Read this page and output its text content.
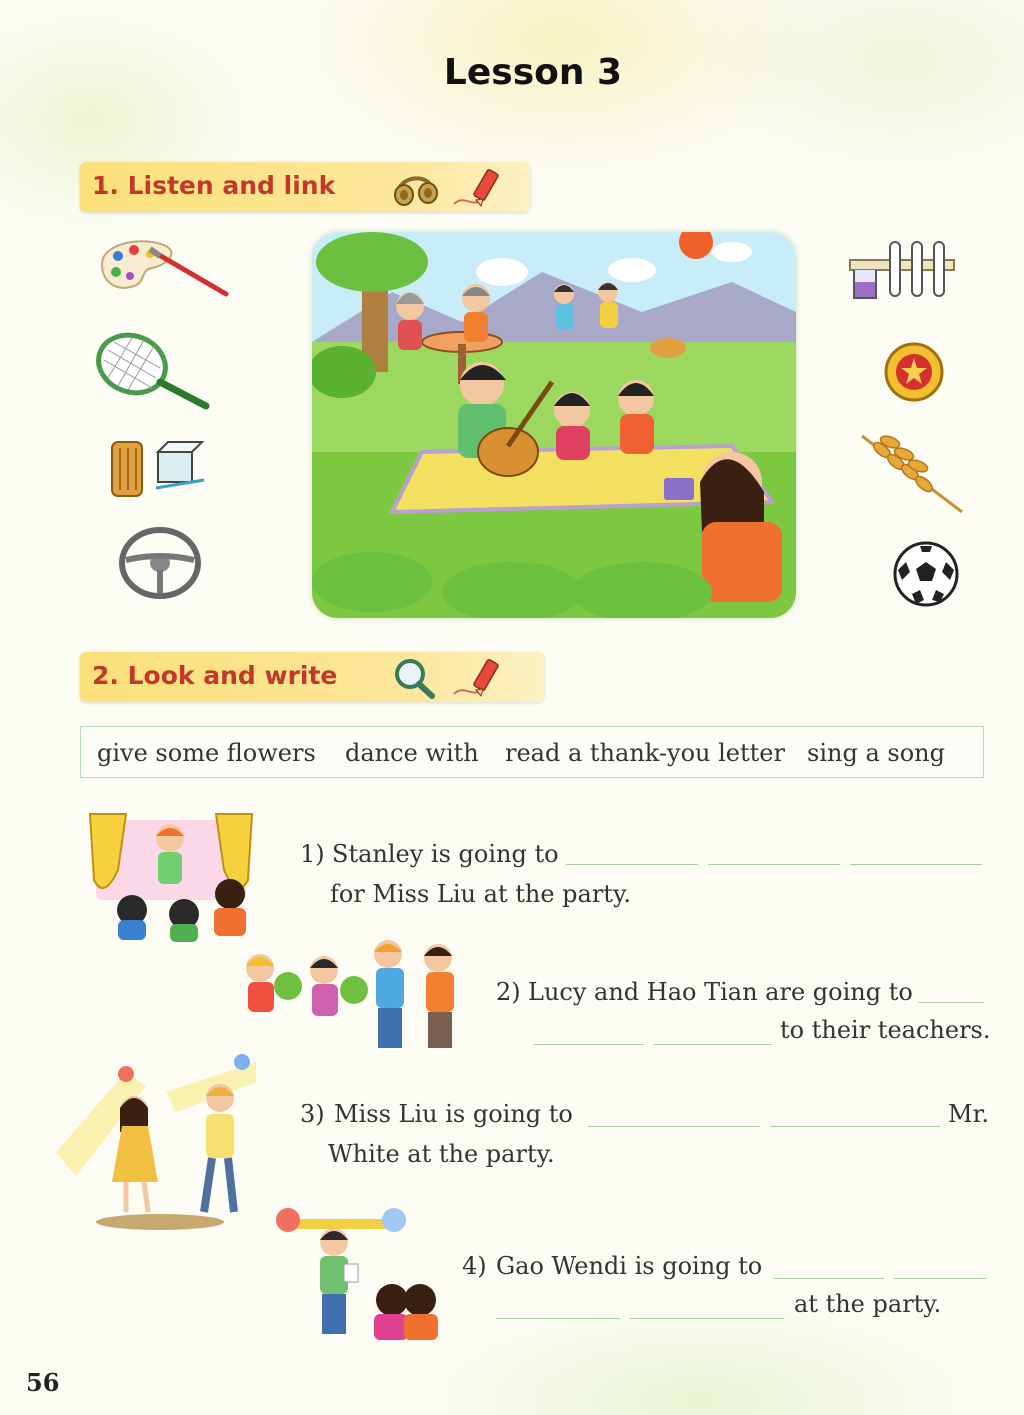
Lesson 3
1. Listen and link
2. Look and write
give some flowers dance with read a thank-you letter sing a song
1) Stanley is going to
for Miss Liu at the party.
2) Lucy and Hao Tian are going to
to their teachers.
3) Miss Liu is going to	Mr.
White at the party.
4) Gao Wendi is going to
at the party.
56
